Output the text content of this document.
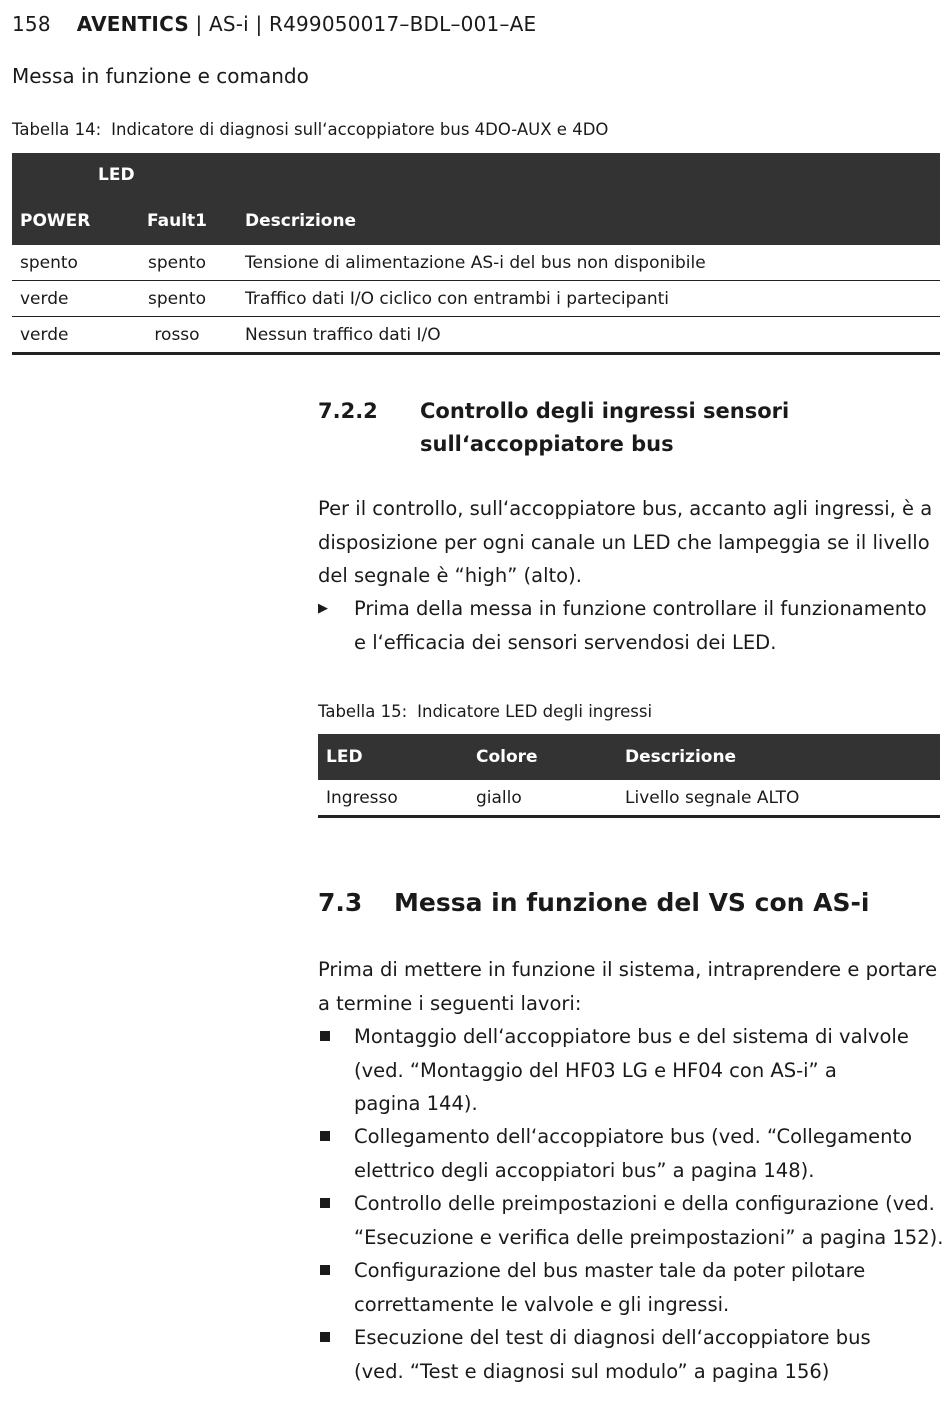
158 AVENTICS | AS-i | R499050017–BDL–001–AE
Messa in funzione e comando
Tabella 14: Indicatore di diagnosi sull‘accoppiatore bus 4DO-AUX e 4DO
LED		
POWER	Fault1	Descrizione
spento	spento	Tensione di alimentazione AS-i del bus non disponibile
verde	spento	Traffico dati I/O ciclico con entrambi i partecipanti
verde	rosso	Nessun traffico dati I/O
7.2.2	Controllo degli ingressi sensori
sull‘accoppiatore bus
Per il controllo, sull‘accoppiatore bus, accanto agli ingressi, è a
disposizione per ogni canale un LED che lampeggia se il livello
del segnale è “high” (alto).
▶	Prima della messa in funzione controllare il funzionamento
e l‘efficacia dei sensori servendosi dei LED.
Tabella 15: Indicatore LED degli ingressi
LED	Colore	Descrizione
Ingresso	giallo	Livello segnale ALTO
7.3 Messa in funzione del VS con AS-i
Prima di mettere in funzione il sistema, intraprendere e portare
a termine i seguenti lavori:
Montaggio dell‘accoppiatore bus e del sistema di valvole
(ved. “Montaggio del HF03 LG e HF04 con AS-i” a
pagina 144).
Collegamento dell‘accoppiatore bus (ved. “Collegamento
elettrico degli accoppiatori bus” a pagina 148).
Controllo delle preimpostazioni e della configurazione (ved.
“Esecuzione e verifica delle preimpostazioni” a pagina 152).
Configurazione del bus master tale da poter pilotare
correttamente le valvole e gli ingressi.
Esecuzione del test di diagnosi dell‘accoppiatore bus
(ved. “Test e diagnosi sul modulo” a pagina 156)
